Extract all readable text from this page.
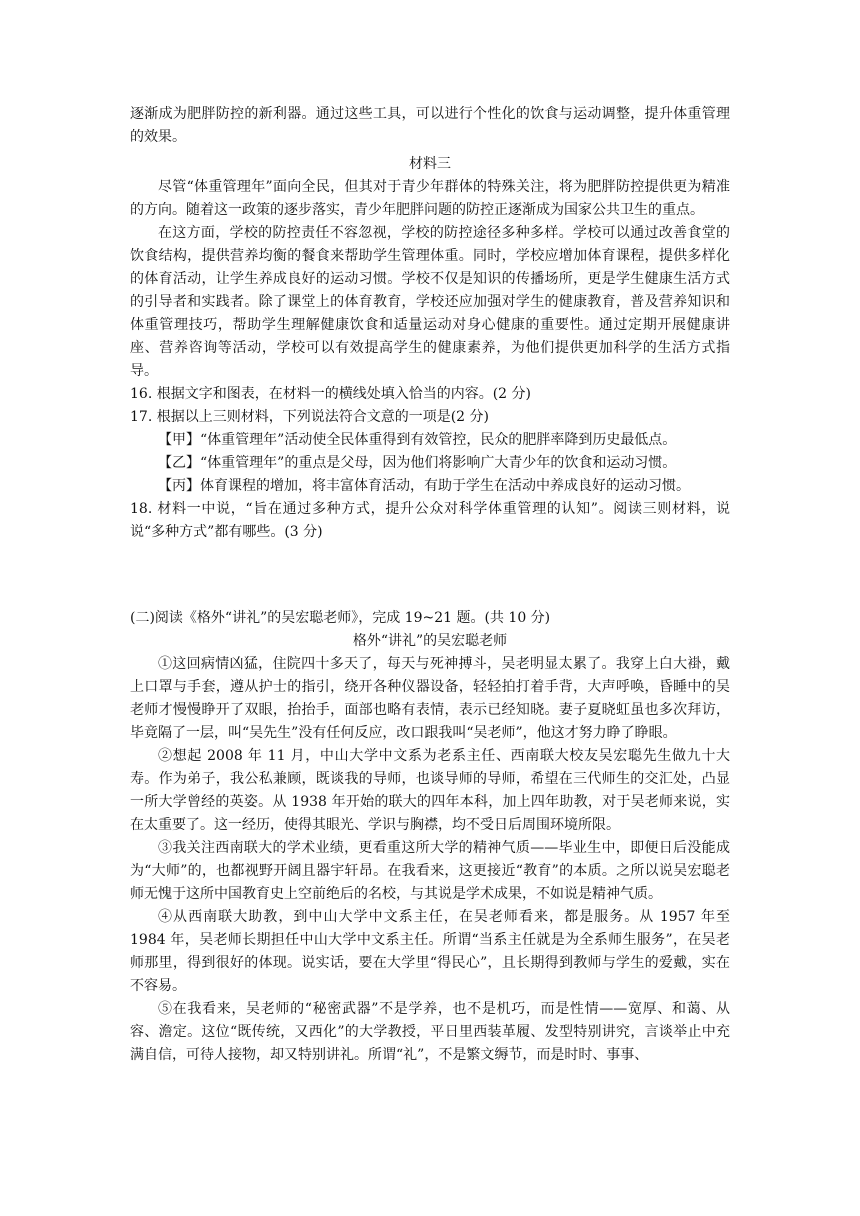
逐渐成为肥胖防控的新利器。通过这些工具，可以进行个性化的饮食与运动调整，提升体重管理的效果。

材料三

尽管“体重管理年”面向全民，但其对于青少年群体的特殊关注，将为肥胖防控提供更为精准的方向。随着这一政策的逐步落实，青少年肥胖问题的防控正逐渐成为国家公共卫生的重点。

在这方面，学校的防控责任不容忽视，学校的防控途径多种多样。学校可以通过改善食堂的饮食结构，提供营养均衡的餐食来帮助学生管理体重。同时，学校应增加体育课程，提供多样化的体育活动，让学生养成良好的运动习惯。学校不仅是知识的传播场所，更是学生健康生活方式的引导者和实践者。除了课堂上的体育教育，学校还应加强对学生的健康教育，普及营养知识和体重管理技巧，帮助学生理解健康饮食和适量运动对身心健康的重要性。通过定期开展健康讲座、营养咨询等活动，学校可以有效提高学生的健康素养，为他们提供更加科学的生活方式指导。

16. 根据文字和图表，在材料一的横线处填入恰当的内容。(2 分)

17. 根据以上三则材料，下列说法符合文意的一项是(2 分)

【甲】“体重管理年”活动使全民体重得到有效管控，民众的肥胖率降到历史最低点。

【乙】“体重管理年”的重点是父母，因为他们将影响广大青少年的饮食和运动习惯。

【丙】体育课程的增加，将丰富体育活动，有助于学生在活动中养成良好的运动习惯。

18. 材料一中说，“旨在通过多种方式，提升公众对科学体重管理的认知”。阅读三则材料，说说“多种方式”都有哪些。(3 分)

(二)阅读《格外“讲礼”的吴宏聪老师》，完成 19~21 题。(共 10 分)

格外“讲礼”的吴宏聪老师

①这回病情凶猛，住院四十多天了，每天与死神搏斗，吴老明显太累了。我穿上白大褂，戴上口罩与手套，遵从护士的指引，绕开各种仪器设备，轻轻拍打着手背，大声呼唤，昏睡中的吴老师才慢慢睁开了双眼，抬抬手，面部也略有表情，表示已经知晓。妻子夏晓虹虽也多次拜访，毕竟隔了一层，叫“吴先生”没有任何反应，改口跟我叫“吴老师”，他这才努力睁了睁眼。

②想起 2008 年 11 月，中山大学中文系为老系主任、西南联大校友吴宏聪先生做九十大寿。作为弟子，我公私兼顾，既谈我的导师，也谈导师的导师，希望在三代师生的交汇处，凸显一所大学曾经的英姿。从 1938 年开始的联大的四年本科，加上四年助教，对于吴老师来说，实在太重要了。这一经历，使得其眼光、学识与胸襟，均不受日后周围环境所限。

③我关注西南联大的学术业绩，更看重这所大学的精神气质——毕业生中，即便日后没能成为“大师”的，也都视野开阔且器宇轩昂。在我看来，这更接近“教育”的本质。之所以说吴宏聪老师无愧于这所中国教育史上空前绝后的名校，与其说是学术成果，不如说是精神气质。

④从西南联大助教，到中山大学中文系主任，在吴老师看来，都是服务。从 1957 年至 1984 年，吴老师长期担任中山大学中文系主任。所谓“当系主任就是为全系师生服务”，在吴老师那里，得到很好的体现。说实话，要在大学里“得民心”，且长期得到教师与学生的爱戴，实在不容易。

⑤在我看来，吴老师的“秘密武器”不是学养，也不是机巧，而是性情——宽厚、和蔼、从容、澹定。这位“既传统，又西化”的大学教授，平日里西装革履、发型特别讲究，言谈举止中充满自信，可待人接物，却又特别讲礼。所谓“礼”，不是繁文缛节，而是时时、事事、
